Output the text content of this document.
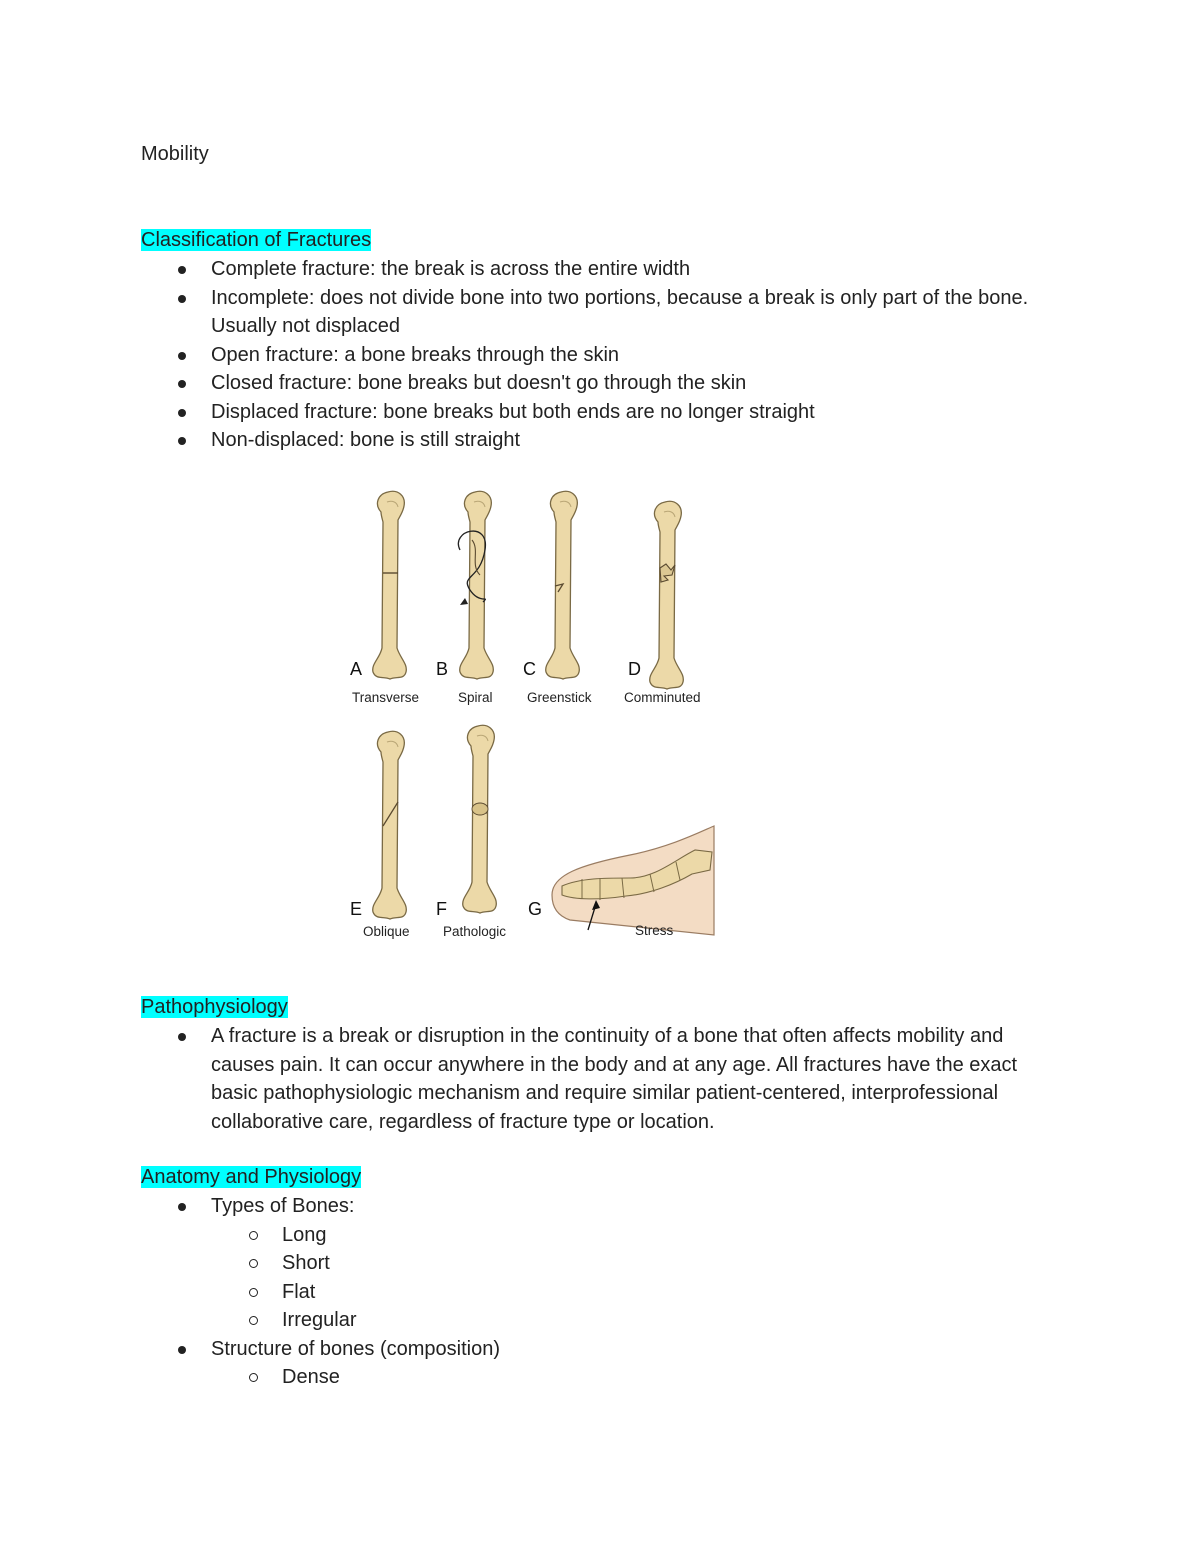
Mobility
Classification of Fractures
Complete fracture: the break is across the entire width
Incomplete: does not divide bone into two portions, because a break is only part of the bone. Usually not displaced
Open fracture: a bone breaks through the skin
Closed fracture: bone breaks but doesn't go through the skin
Displaced fracture: bone breaks but both ends are no longer straight
Non-displaced: bone is still straight
A	B	C	D
Transverse	Spiral	Greenstick Comminuted
E	F	G
Oblique Pathologic	Stress
Pathophysiology
A fracture is a break or disruption in the continuity of a bone that often affects mobility and causes pain. It can occur anywhere in the body and at any age. All fractures have the exact basic pathophysiologic mechanism and require similar patient-centered, interprofessional collaborative care, regardless of fracture type or location.
Anatomy and Physiology
Types of Bones:
Long
Short
Flat
Irregular
Structure of bones (composition)
Dense
